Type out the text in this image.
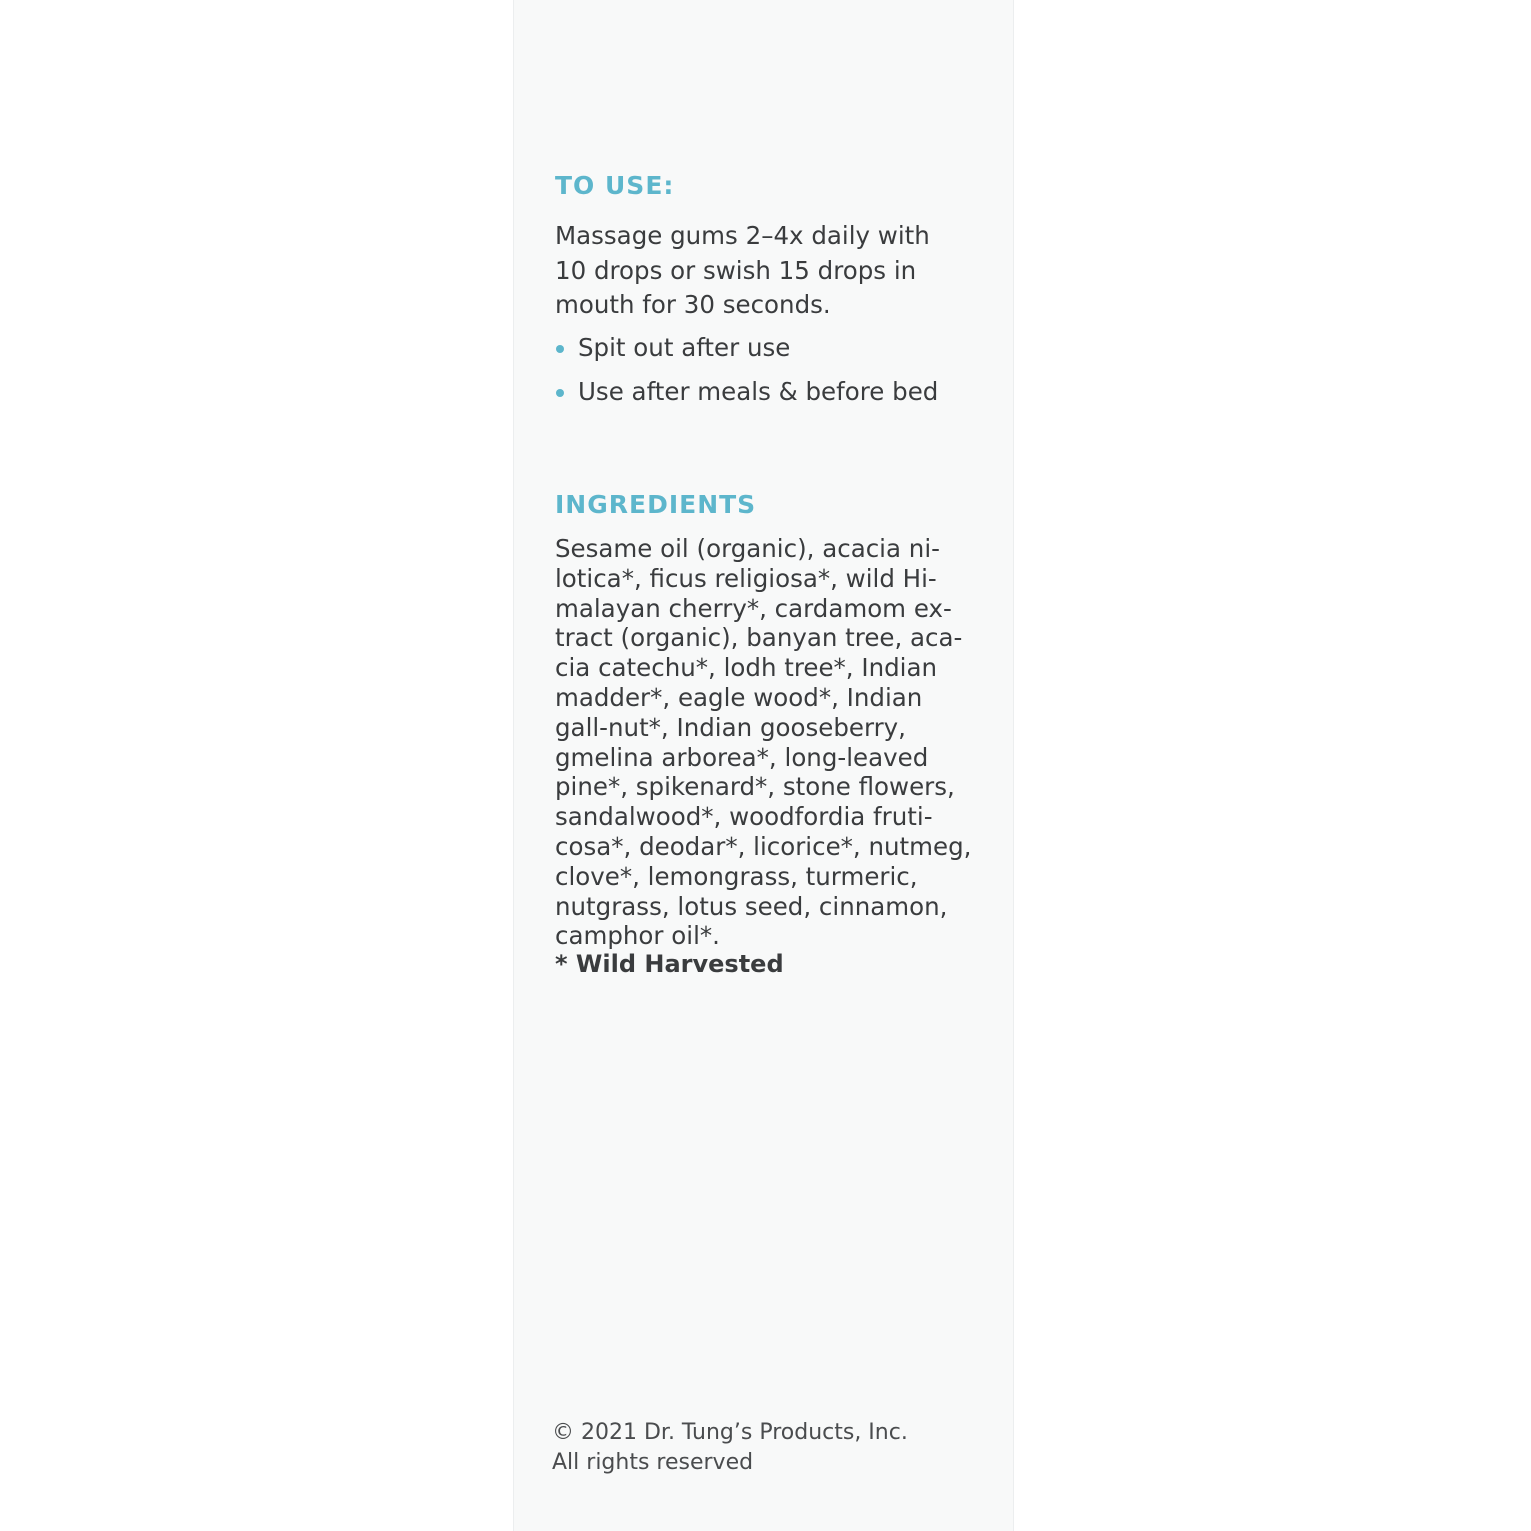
TO USE:
Massage gums 2–4x daily with
10 drops or swish 15 drops in
mouth for 30 seconds.
Spit out after use
Use after meals & before bed
INGREDIENTS
Sesame oil (organic), acacia ni-
lotica*, ficus religiosa*, wild Hi-
malayan cherry*, cardamom ex-
tract (organic), banyan tree, aca-
cia catechu*, lodh tree*, Indian
madder*, eagle wood*, Indian
gall-nut*, Indian gooseberry,
gmelina arborea*, long-leaved
pine*, spikenard*, stone flowers,
sandalwood*, woodfordia fruti-
cosa*, deodar*, licorice*, nutmeg,
clove*, lemongrass, turmeric,
nutgrass, lotus seed, cinnamon,
camphor oil*.
* Wild Harvested
© 2021 Dr. Tung’s Products, Inc.
All rights reserved
